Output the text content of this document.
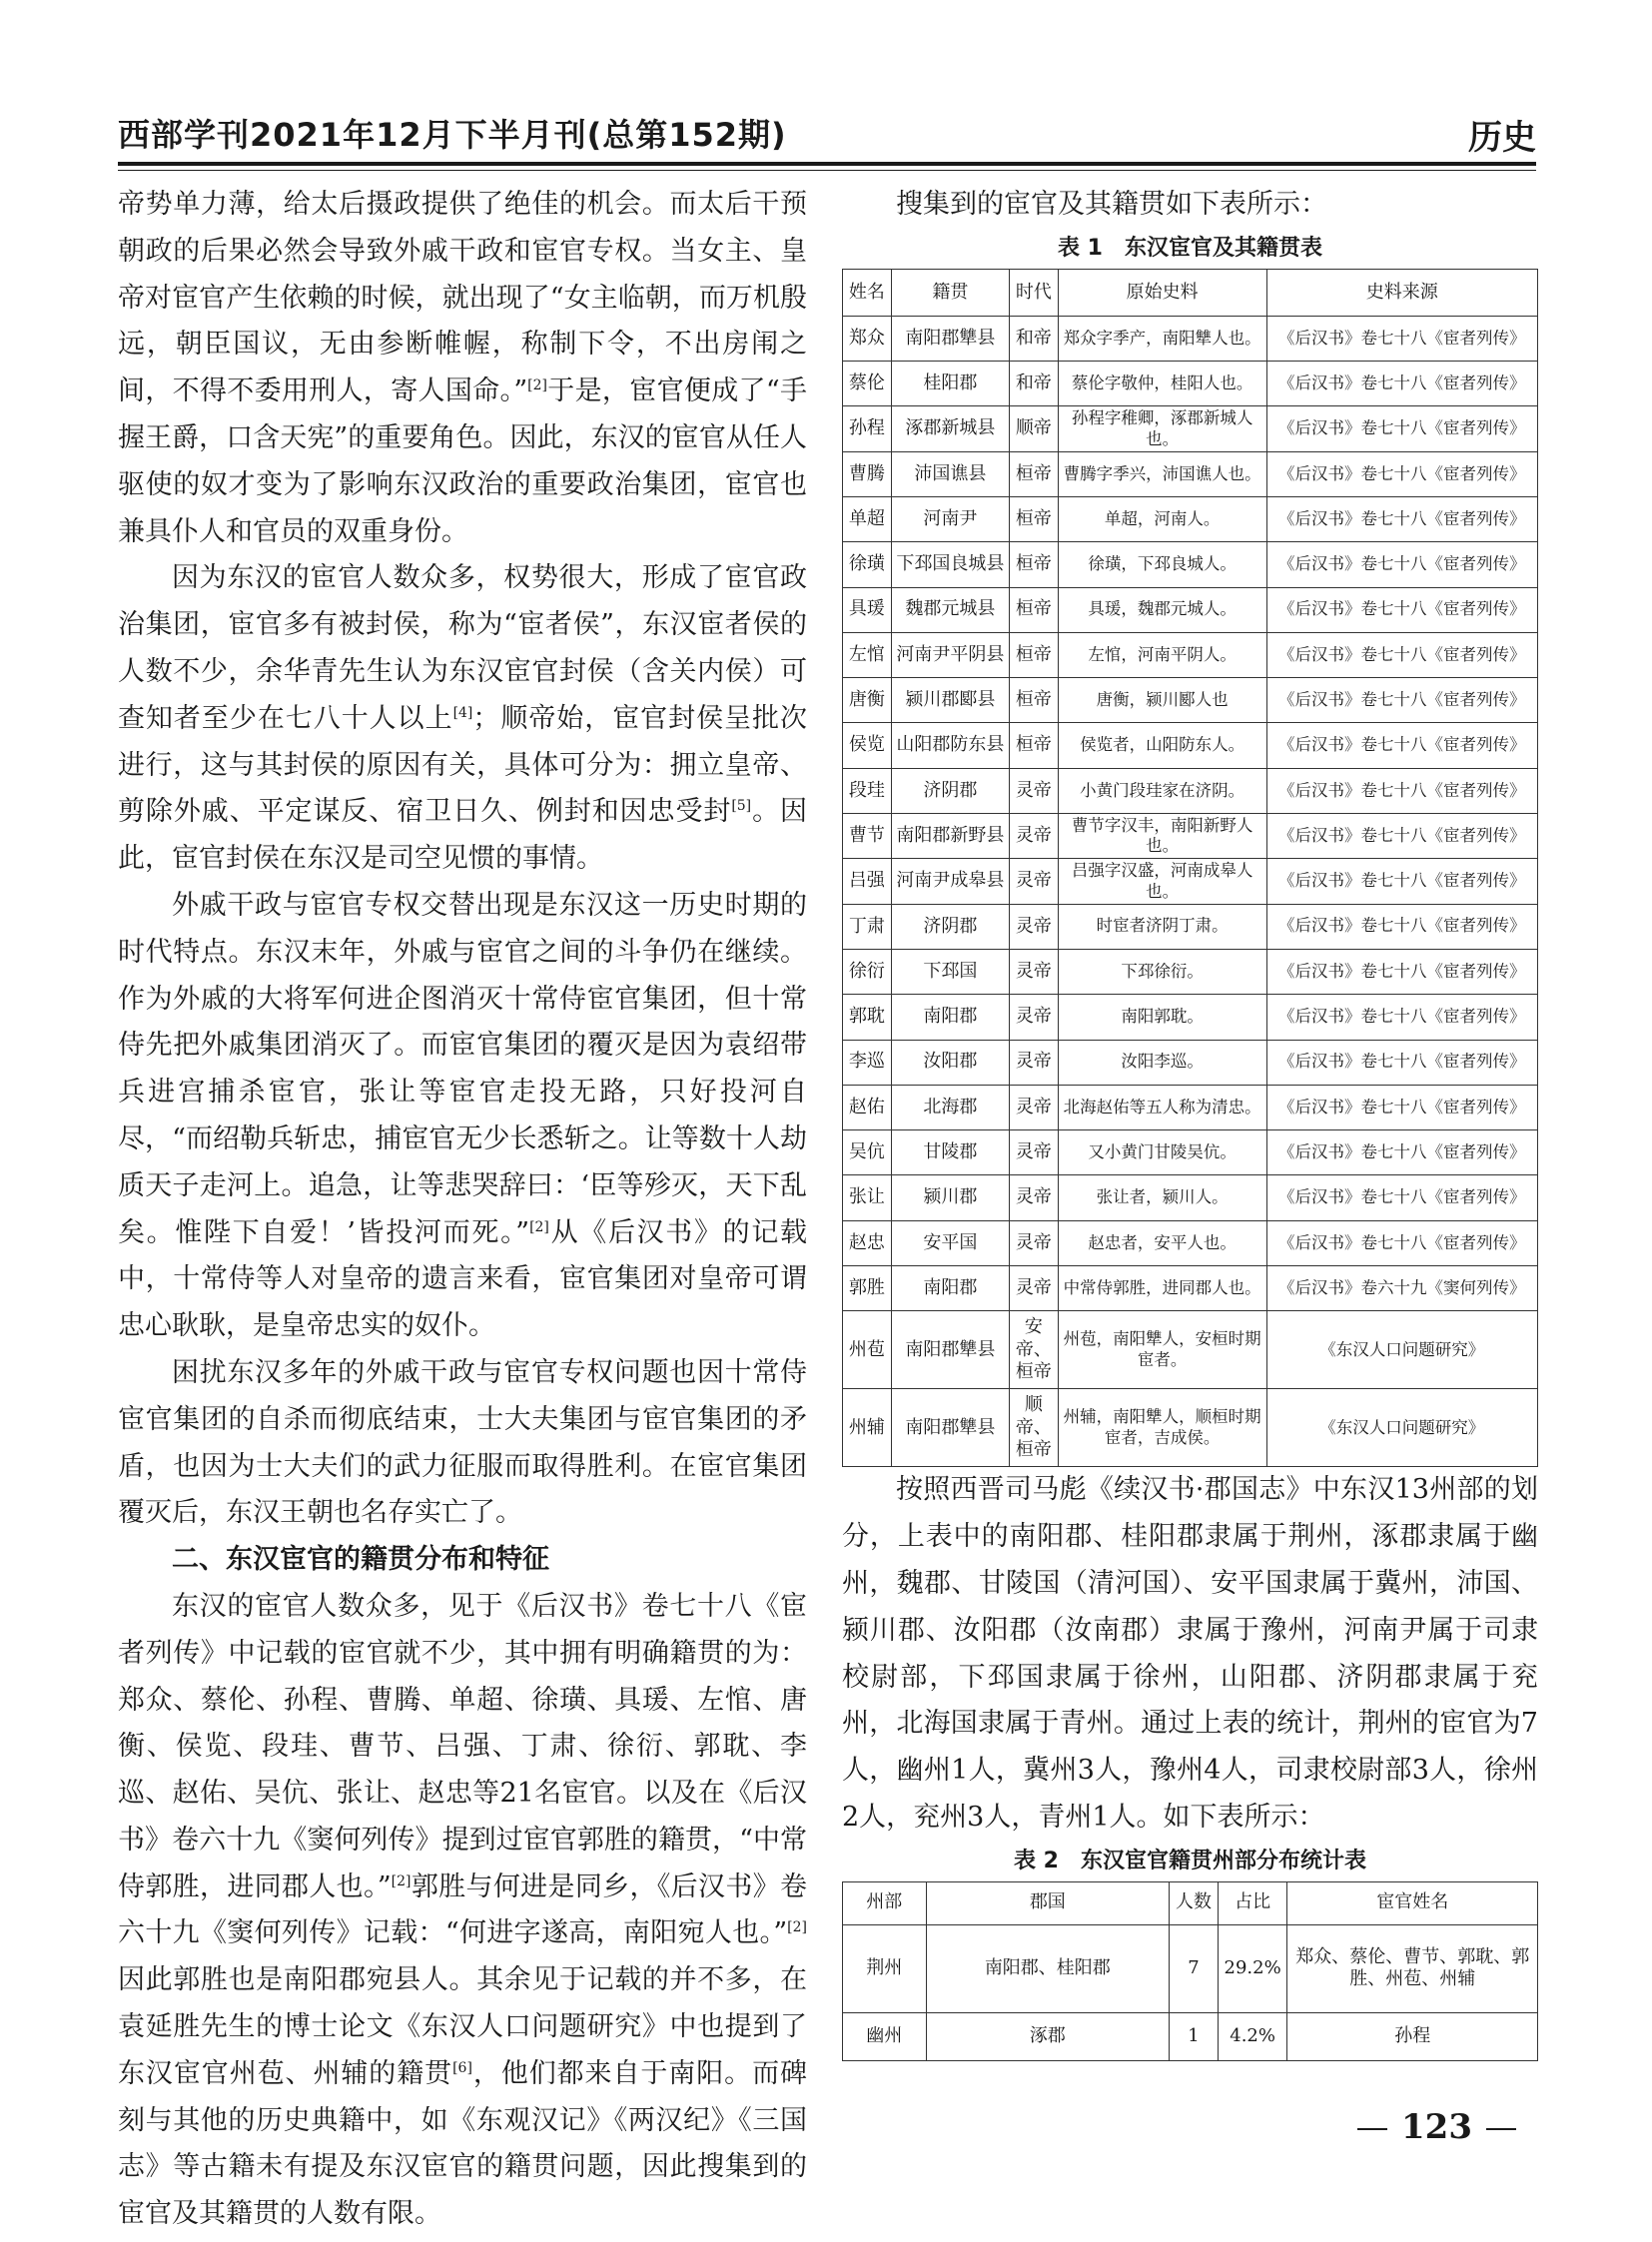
西部学刊2021年12月下半月刊(总第152期)	历史

帝势单力薄，给太后摄政提供了绝佳的机会。而太后干预朝政的后果必然会导致外戚干政和宦官专权。当女主、皇帝对宦官产生依赖的时候，就出现了“女主临朝，而万机殷远，朝臣国议，无由参断帷幄，称制下令，不出房闱之间，不得不委用刑人，寄人国命。”[2]于是，宦官便成了“手握王爵，口含天宪”的重要角色。因此，东汉的宦官从任人驱使的奴才变为了影响东汉政治的重要政治集团，宦官也兼具仆人和官员的双重身份。

因为东汉的宦官人数众多，权势很大，形成了宦官政治集团，宦官多有被封侯，称为“宦者侯”，东汉宦者侯的人数不少，余华青先生认为东汉宦官封侯（含关内侯）可查知者至少在七八十人以上[4]；顺帝始，宦官封侯呈批次进行，这与其封侯的原因有关，具体可分为：拥立皇帝、剪除外戚、平定谋反、宿卫日久、例封和因忠受封[5]。因此，宦官封侯在东汉是司空见惯的事情。

外戚干政与宦官专权交替出现是东汉这一历史时期的时代特点。东汉末年，外戚与宦官之间的斗争仍在继续。作为外戚的大将军何进企图消灭十常侍宦官集团，但十常侍先把外戚集团消灭了。而宦官集团的覆灭是因为袁绍带兵进宫捕杀宦官，张让等宦官走投无路，只好投河自尽，“而绍勒兵斩忠，捕宦官无少长悉斩之。让等数十人劫质天子走河上。追急，让等悲哭辞曰：‘臣等殄灭，天下乱矣。惟陛下自爱！’皆投河而死。”[2]从《后汉书》的记载中，十常侍等人对皇帝的遗言来看，宦官集团对皇帝可谓忠心耿耿，是皇帝忠实的奴仆。

困扰东汉多年的外戚干政与宦官专权问题也因十常侍宦官集团的自杀而彻底结束，士大夫集团与宦官集团的矛盾，也因为士大夫们的武力征服而取得胜利。在宦官集团覆灭后，东汉王朝也名存实亡了。

二、东汉宦官的籍贯分布和特征

东汉的宦官人数众多，见于《后汉书》卷七十八《宦者列传》中记载的宦官就不少，其中拥有明确籍贯的为：郑众、蔡伦、孙程、曹腾、单超、徐璜、具瑗、左悺、唐衡、侯览、段珪、曹节、吕强、丁肃、徐衍、郭耽、李巡、赵佑、吴伉、张让、赵忠等21名宦官。以及在《后汉书》卷六十九《窦何列传》提到过宦官郭胜的籍贯，“中常侍郭胜，进同郡人也。”[2]郭胜与何进是同乡，《后汉书》卷六十九《窦何列传》记载：“何进字遂高，南阳宛人也。”[2]因此郭胜也是南阳郡宛县人。其余见于记载的并不多，在袁延胜先生的博士论文《东汉人口问题研究》中也提到了东汉宦官州苞、州辅的籍贯[6]，他们都来自于南阳。而碑刻与其他的历史典籍中，如《东观汉记》《两汉纪》《三国志》等古籍未有提及东汉宦官的籍贯问题，因此搜集到的宦官及其籍贯的人数有限。

搜集到的宦官及其籍贯如下表所示：

表 1　东汉宦官及其籍贯表

姓名	籍贯	时代	原始史料	史料来源
郑众	南阳郡犨县	和帝	郑众字季产，南阳犨人也。	《后汉书》卷七十八《宦者列传》
蔡伦	桂阳郡	和帝	蔡伦字敬仲，桂阳人也。	《后汉书》卷七十八《宦者列传》
孙程	涿郡新城县	顺帝	孙程字稚卿，涿郡新城人也。	《后汉书》卷七十八《宦者列传》
曹腾	沛国谯县	桓帝	曹腾字季兴，沛国谯人也。	《后汉书》卷七十八《宦者列传》
单超	河南尹	桓帝	单超，河南人。	《后汉书》卷七十八《宦者列传》
徐璜	下邳国良城县	桓帝	徐璜，下邳良城人。	《后汉书》卷七十八《宦者列传》
具瑗	魏郡元城县	桓帝	具瑗，魏郡元城人。	《后汉书》卷七十八《宦者列传》
左悺	河南尹平阴县	桓帝	左悺，河南平阴人。	《后汉书》卷七十八《宦者列传》
唐衡	颍川郡郾县	桓帝	唐衡，颍川郾人也	《后汉书》卷七十八《宦者列传》
侯览	山阳郡防东县	桓帝	侯览者，山阳防东人。	《后汉书》卷七十八《宦者列传》
段珪	济阴郡	灵帝	小黄门段珪家在济阴。	《后汉书》卷七十八《宦者列传》
曹节	南阳郡新野县	灵帝	曹节字汉丰，南阳新野人也。	《后汉书》卷七十八《宦者列传》
吕强	河南尹成皋县	灵帝	吕强字汉盛，河南成皋人也。	《后汉书》卷七十八《宦者列传》
丁肃	济阴郡	灵帝	时宦者济阴丁肃。	《后汉书》卷七十八《宦者列传》
徐衍	下邳国	灵帝	下邳徐衍。	《后汉书》卷七十八《宦者列传》
郭耽	南阳郡	灵帝	南阳郭耽。	《后汉书》卷七十八《宦者列传》
李巡	汝阳郡	灵帝	汝阳李巡。	《后汉书》卷七十八《宦者列传》
赵佑	北海郡	灵帝	北海赵佑等五人称为清忠。	《后汉书》卷七十八《宦者列传》
吴伉	甘陵郡	灵帝	又小黄门甘陵吴伉。	《后汉书》卷七十八《宦者列传》
张让	颍川郡	灵帝	张让者，颍川人。	《后汉书》卷七十八《宦者列传》
赵忠	安平国	灵帝	赵忠者，安平人也。	《后汉书》卷七十八《宦者列传》
郭胜	南阳郡	灵帝	中常侍郭胜，进同郡人也。	《后汉书》卷六十九《窦何列传》
州苞	南阳郡犨县	安帝、桓帝	州苞，南阳犨人，安桓时期宦者。	《东汉人口问题研究》
州辅	南阳郡犨县	顺帝、桓帝	州辅，南阳犨人，顺桓时期宦者，吉成侯。	《东汉人口问题研究》

按照西晋司马彪《续汉书·郡国志》中东汉13州部的划分，上表中的南阳郡、桂阳郡隶属于荆州，涿郡隶属于幽州，魏郡、甘陵国（清河国）、安平国隶属于冀州，沛国、颍川郡、汝阳郡（汝南郡）隶属于豫州，河南尹属于司隶校尉部，下邳国隶属于徐州，山阳郡、济阴郡隶属于兖州，北海国隶属于青州。通过上表的统计，荆州的宦官为7人，幽州1人，冀州3人，豫州4人，司隶校尉部3人，徐州2人，兖州3人，青州1人。如下表所示：

表 2　东汉宦官籍贯州部分布统计表

州部	郡国	人数	占比	宦官姓名
荆州	南阳郡、桂阳郡	7	29.2%	郑众、蔡伦、曹节、郭耽、郭胜、州苞、州辅
幽州	涿郡	1	4.2%	孙程
123
